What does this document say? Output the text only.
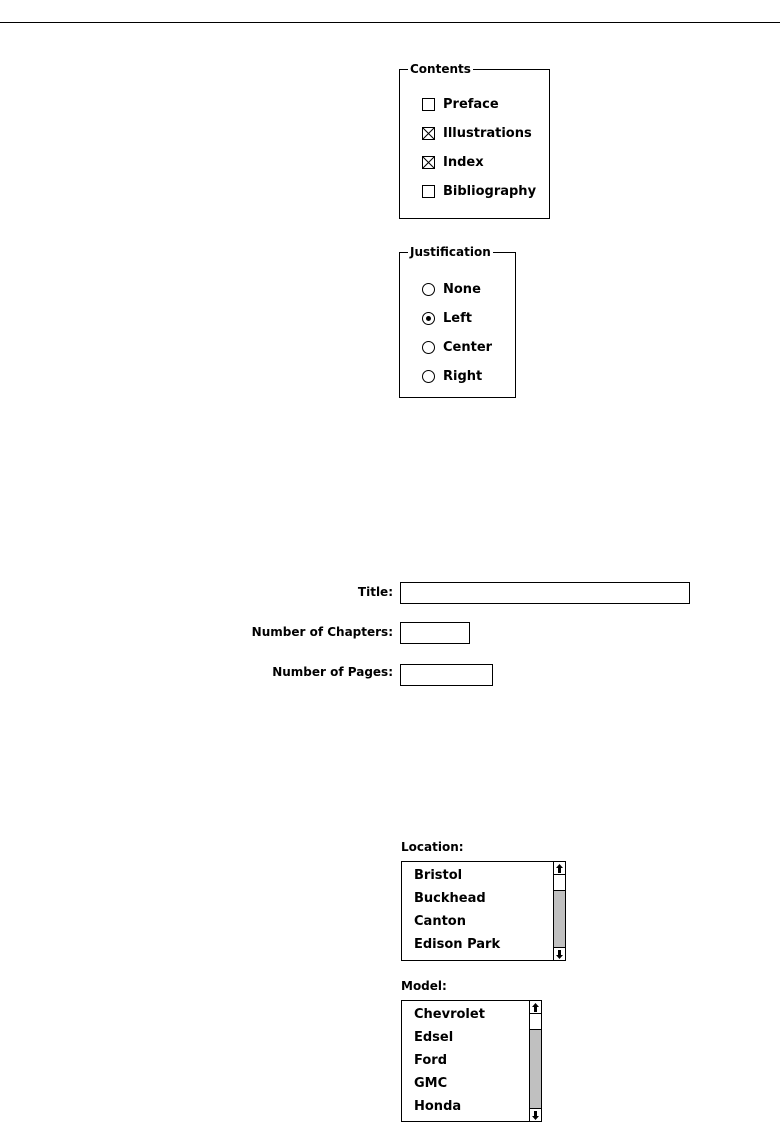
Contents
Preface
Illustrations
Index
Bibliography
Justification
None
Left
Center
Right
Title:
Number of Chapters:
Number of Pages:
Location:
Bristol
Buckhead
Canton
Edison Park
Model:
Chevrolet
Edsel
Ford
GMC
Honda
